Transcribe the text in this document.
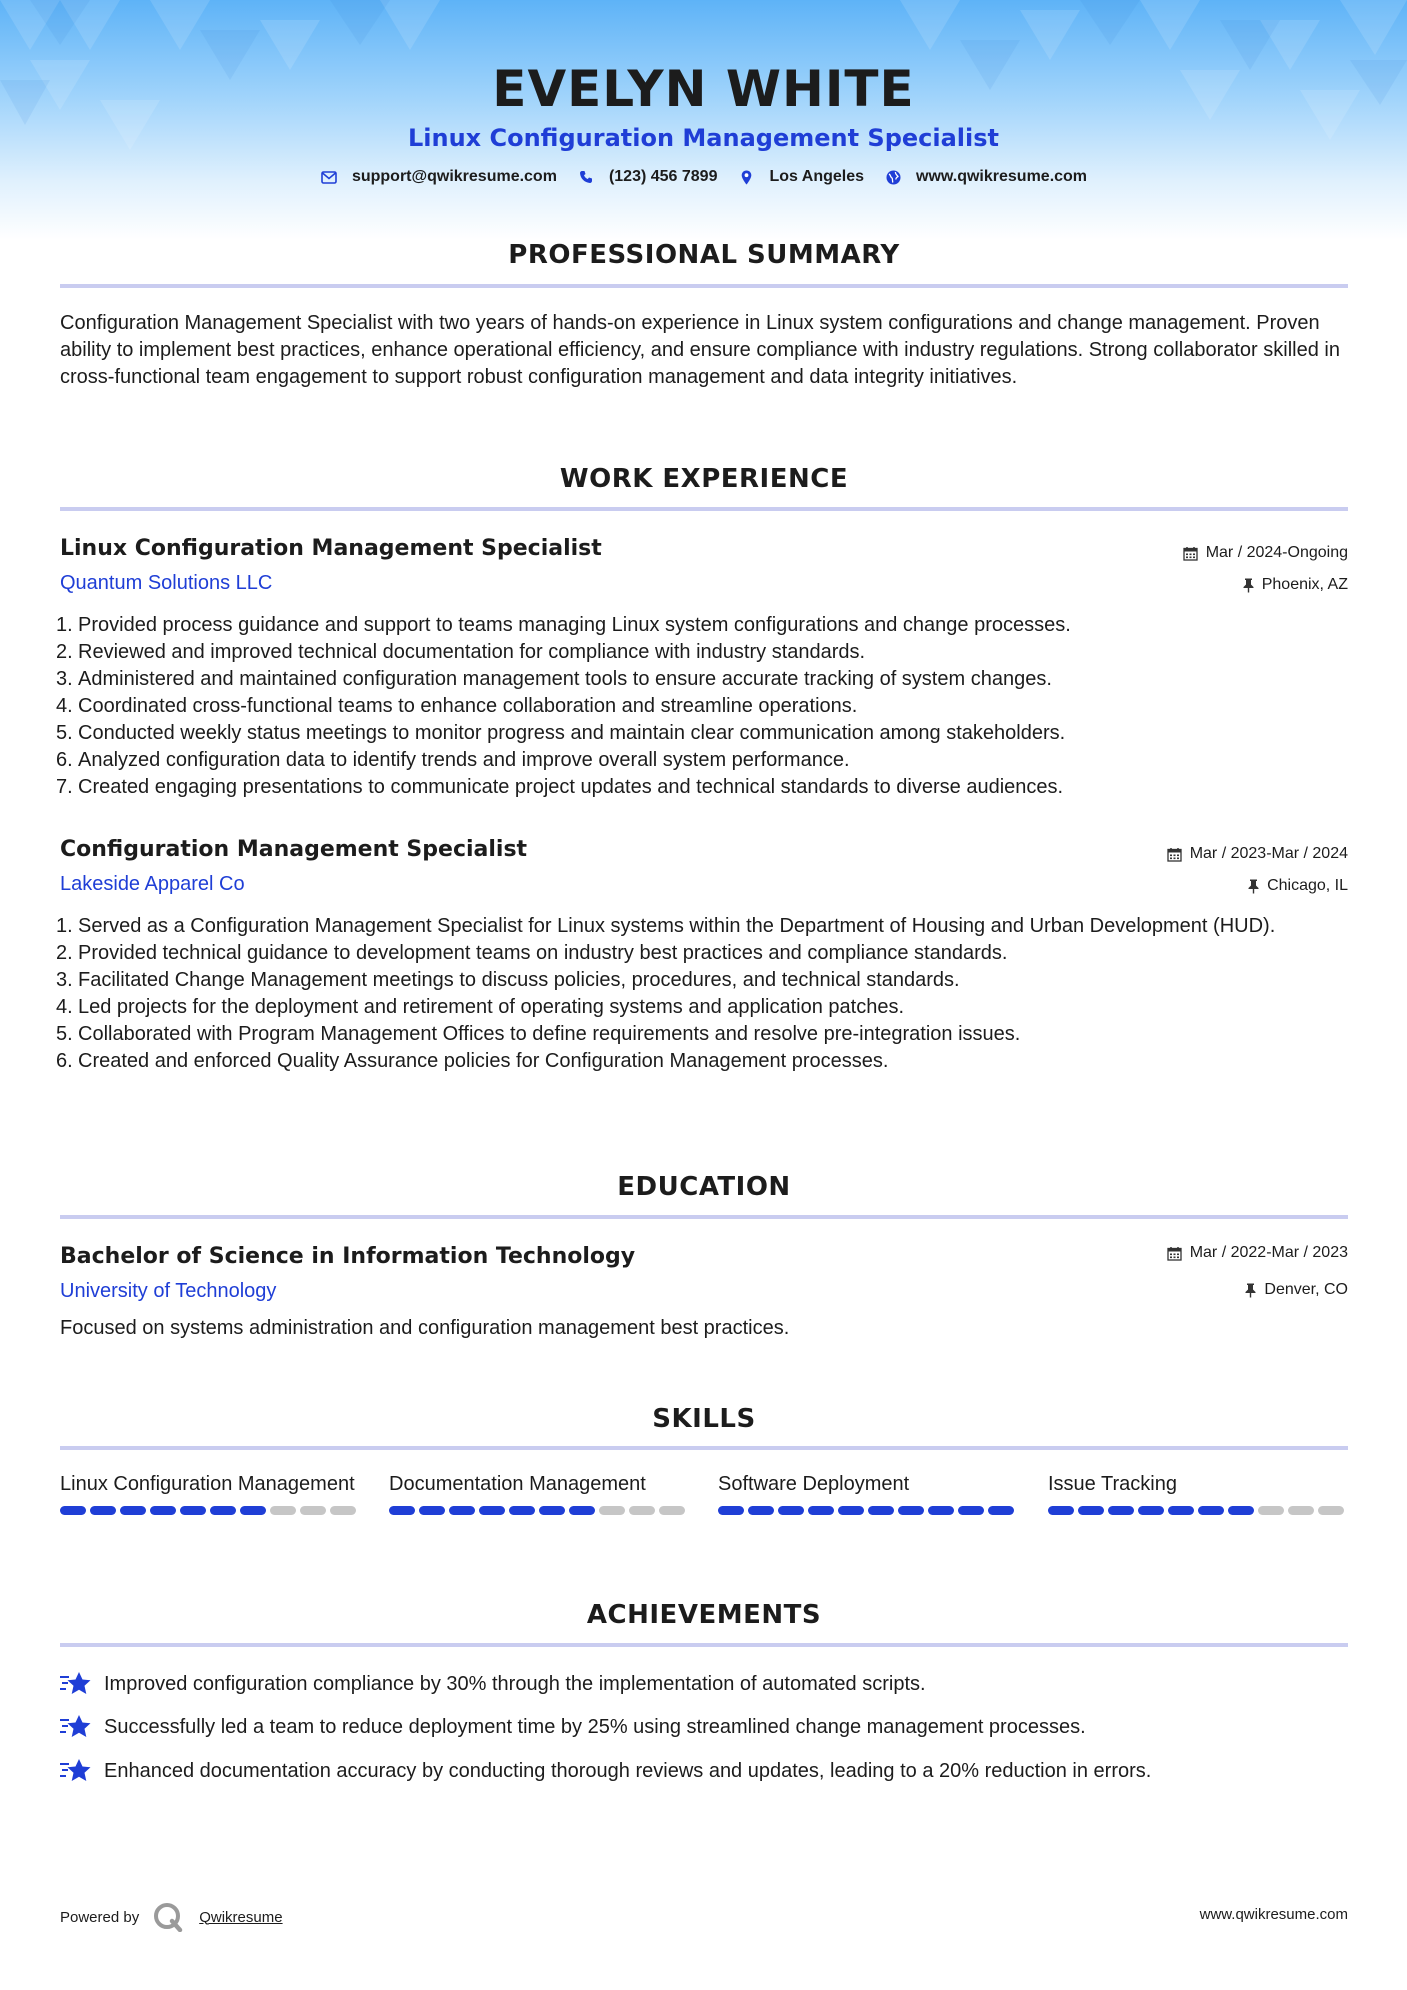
EVELYN WHITE
Linux Configuration Management Specialist
support@qwikresume.com	(123) 456 7899	Los Angeles	www.qwikresume.com
PROFESSIONAL SUMMARY
Configuration Management Specialist with two years of hands-on experience in Linux system configurations and change management. Proven ability to implement best practices, enhance operational efficiency, and ensure compliance with industry regulations. Strong collaborator skilled in cross-functional team engagement to support robust configuration management and data integrity initiatives.
WORK EXPERIENCE
Linux Configuration Management Specialist
Quantum Solutions LLC
Mar / 2024-Ongoing
Phoenix, AZ
1. Provided process guidance and support to teams managing Linux system configurations and change processes.
2. Reviewed and improved technical documentation for compliance with industry standards.
3. Administered and maintained configuration management tools to ensure accurate tracking of system changes.
4. Coordinated cross-functional teams to enhance collaboration and streamline operations.
5. Conducted weekly status meetings to monitor progress and maintain clear communication among stakeholders.
6. Analyzed configuration data to identify trends and improve overall system performance.
7. Created engaging presentations to communicate project updates and technical standards to diverse audiences.
Configuration Management Specialist
Lakeside Apparel Co
Mar / 2023-Mar / 2024
Chicago, IL
1. Served as a Configuration Management Specialist for Linux systems within the Department of Housing and Urban Development (HUD).
2. Provided technical guidance to development teams on industry best practices and compliance standards.
3. Facilitated Change Management meetings to discuss policies, procedures, and technical standards.
4. Led projects for the deployment and retirement of operating systems and application patches.
5. Collaborated with Program Management Offices to define requirements and resolve pre-integration issues.
6. Created and enforced Quality Assurance policies for Configuration Management processes.
EDUCATION
Bachelor of Science in Information Technology
University of Technology
Mar / 2022-Mar / 2023
Denver, CO
Focused on systems administration and configuration management best practices.
SKILLS
Linux Configuration Management Documentation Management	Software Deployment	Issue Tracking
ACHIEVEMENTS
Improved configuration compliance by 30% through the implementation of automated scripts.
Successfully led a team to reduce deployment time by 25% using streamlined change management processes.
Enhanced documentation accuracy by conducting thorough reviews and updates, leading to a 20% reduction in errors.
Powered by	Qwikresume	www.qwikresume.com
